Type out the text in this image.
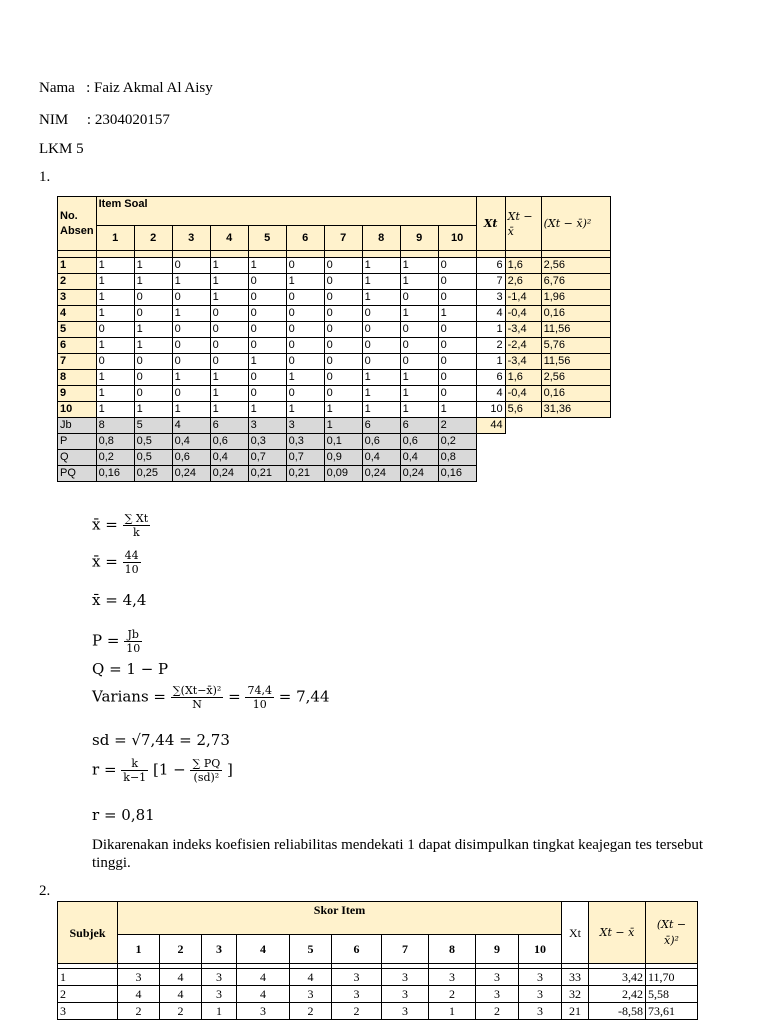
Nama : Faiz Akmal Al Aisy
NIM : 2304020157
LKM 5
1.
No. Absen	Item Soal										Xt	Xt − x̄	(Xt − x̄)²
	1	2	3	4	5	6	7	8	9	10			

1	1	1	0	1	1	0	0	1	1	0	6	1,6	2,56
2	1	1	1	1	0	1	0	1	1	0	7	2,6	6,76
3	1	0	0	1	0	0	0	1	0	0	3	-1,4	1,96
4	1	0	1	0	0	0	0	0	1	1	4	-0,4	0,16
5	0	1	0	0	0	0	0	0	0	0	1	-3,4	11,56
6	1	1	0	0	0	0	0	0	0	0	2	-2,4	5,76
7	0	0	0	0	1	0	0	0	0	0	1	-3,4	11,56
8	1	0	1	1	0	1	0	1	1	0	6	1,6	2,56
9	1	0	0	1	0	0	0	1	1	0	4	-0,4	0,16
10	1	1	1	1	1	1	1	1	1	1	10	5,6	31,36
Jb	8	5	4	6	3	3	1	6	6	2	44		
P	0,8	0,5	0,4	0,6	0,3	0,3	0,1	0,6	0,6	0,2			
Q	0,2	0,5	0,6	0,4	0,7	0,7	0,9	0,4	0,4	0,8			
PQ	0,16	0,25	0,24	0,24	0,21	0,21	0,09	0,24	0,24	0,16			
x̄ = $\frac{\sum Xt}{k}$
x̄ = $\frac{44}{10}$
x̄ = 4,4
$P = \frac{Jb}{10}$
Q = 1 − P
Varians = $\frac{\text{∑(Xt−x̄)²}}{N} = \frac{74,4}{10} = 7,44$
sd = √7,44 = 2,73
$r = \frac{k}{k-1} [1 - \frac{\sum PQ}{\text{(sd)²}}$ ]
r = 0,81
Dikarenakan indeks koefisien reliabilitas mendekati 1 dapat disimpulkan tingkat keajegan tes tersebut
tinggi.
2.
Subjek	Skor Item										Xt	Xt − x̄	(Xt − x̄)²
	1	2	3	4	5	6	7	8	9	10			

1	3	4	3	4	4	3	3	3	3	3	33	3,42	11,70
2	4	4	3	4	3	3	3	2	3	3	32	2,42	5,58
3	2	2	1	3	2	2	3	1	2	3	21	-8,58	73,61
